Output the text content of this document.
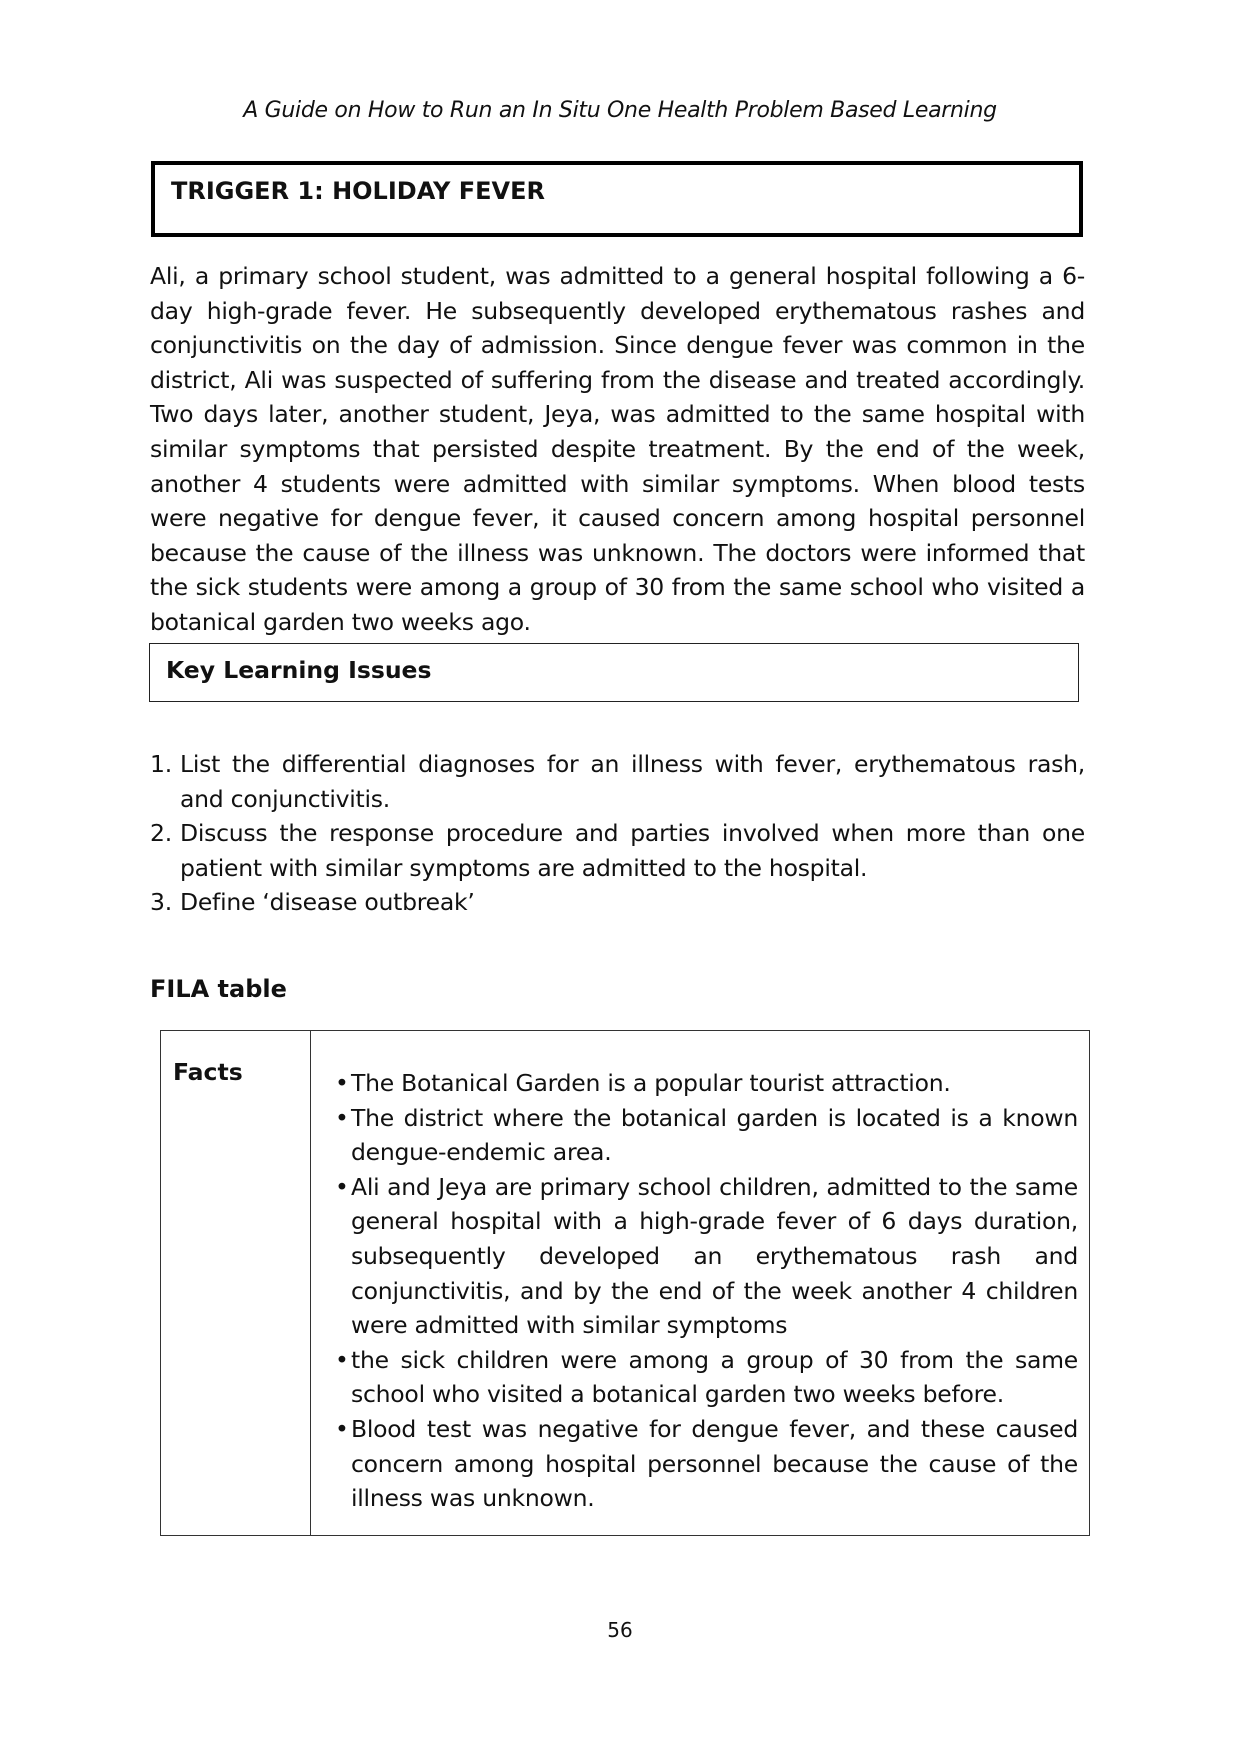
A Guide on How to Run an In Situ One Health Problem Based Learning
TRIGGER 1: HOLIDAY FEVER

Ali, a primary school student, was admitted to a general hospital following a 6-day high-grade fever. He subsequently developed erythematous rashes and conjunctivitis on the day of admission. Since dengue fever was common in the district, Ali was suspected of suffering from the disease and treated accordingly. Two days later, another student, Jeya, was admitted to the same hospital with similar symptoms that persisted despite treatment. By the end of the week, another 4 students were admitted with similar symptoms. When blood tests were negative for dengue fever, it caused concern among hospital personnel because the cause of the illness was unknown. The doctors were informed that the sick students were among a group of 30 from the same school who visited a botanical garden two weeks ago.

Key Learning Issues
1. List the differential diagnoses for an illness with fever, erythematous rash, and conjunctivitis.
2. Discuss the response procedure and parties involved when more than one patient with similar symptoms are admitted to the hospital.
3. Define ‘disease outbreak’
FILA table
Facts	• The Botanical Garden is a popular tourist attraction.
• The district where the botanical garden is located is a known dengue-endemic area.
• Ali and Jeya are primary school children, admitted to the same general hospital with a high-grade fever of 6 days duration, subsequently developed an erythematous rash and conjunctivitis, and by the end of the week another 4 children were admitted with similar symptoms
• the sick children were among a group of 30 from the same school who visited a botanical garden two weeks before.
• Blood test was negative for dengue fever, and these caused concern among hospital personnel because the cause of the illness was unknown.
56
